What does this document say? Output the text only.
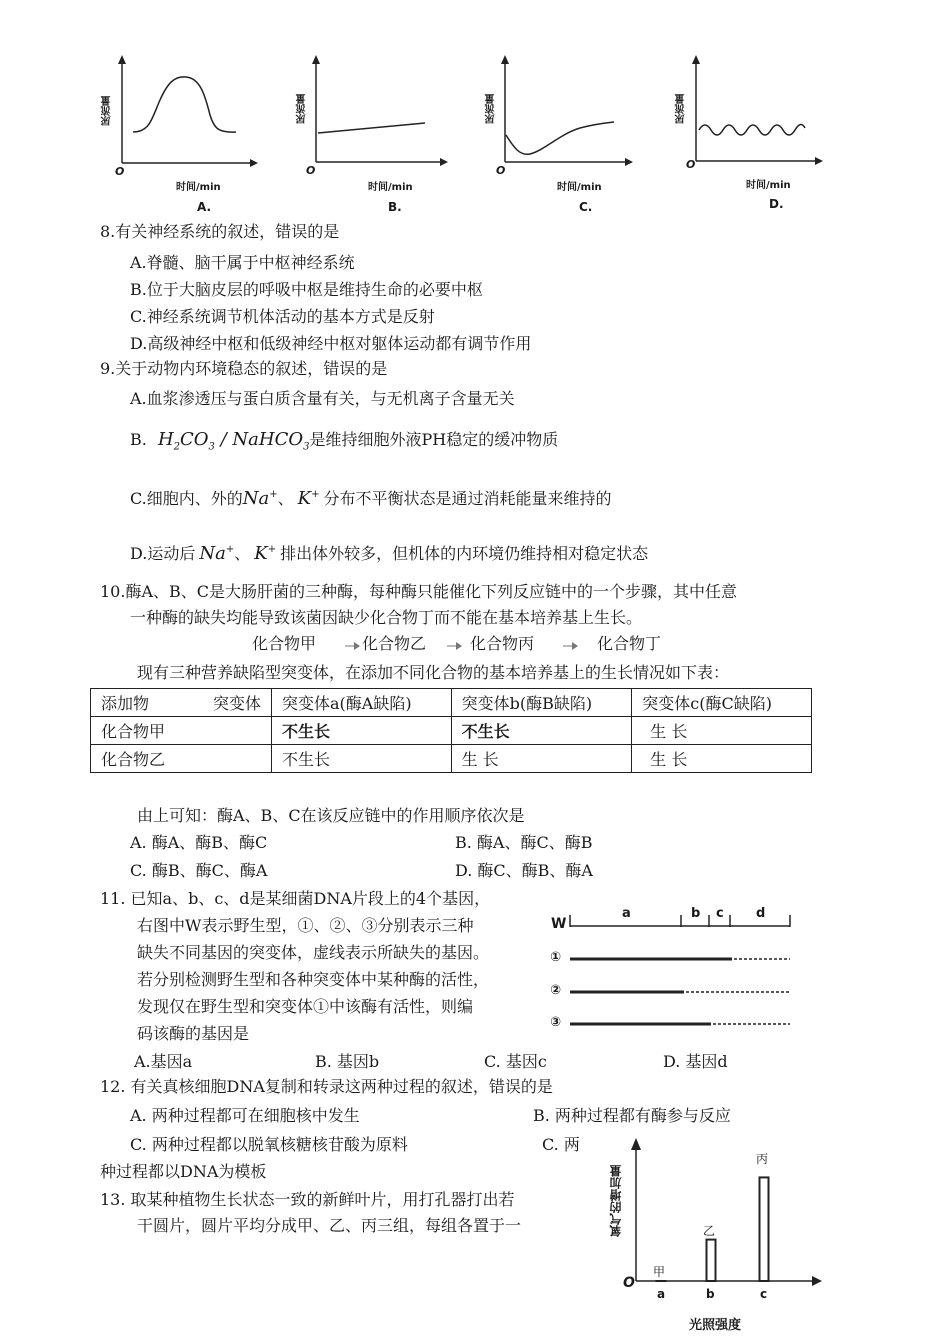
尿流量
O
时间/min
A.
尿流量
O
时间/min
B.
尿流量
O
时间/min
C.
尿流量
O
时间/min
D.
8.有关神经系统的叙述，错误的是
A.脊髓、脑干属于中枢神经系统
B.位于大脑皮层的呼吸中枢是维持生命的必要中枢
C.神经系统调节机体活动的基本方式是反射
D.高级神经中枢和低级神经中枢对躯体运动都有调节作用
9.关于动物内环境稳态的叙述，错误的是
A.血浆渗透压与蛋白质含量有关，与无机离子含量无关
B. $H_2CO_3$ / NaHCO$_3$是维持细胞外液PH稳定的缓冲物质
C.细胞内、外的Na+、 K+ 分布不平衡状态是通过消耗能量来维持的
D.运动后 Na+、 K+ 排出体外较多，但机体的内环境仍维持相对稳定状态
10.酶A、B、C是大肠肝菌的三种酶，每种酶只能催化下列反应链中的一个步骤，其中任意
一种酶的缺失均能导致该菌因缺少化合物丁而不能在基本培养基上生长。
化合物甲	化合物乙	化合物丙	化合物丁
现有三种营养缺陷型突变体，在添加不同化合物的基本培养基上的生长情况如下表：
添加物 突变体	突变体a(酶A缺陷)	突变体b(酶B缺陷)	突变体c(酶C缺陷)
化合物甲	不生长	不生长	生 长
化合物乙	不生长	生 长	生 长
由上可知：酶A、B、C在该反应链中的作用顺序依次是
A. 酶A、酶B、酶C	B. 酶A、酶C、酶B
C. 酶B、酶C、酶A	D. 酶C、酶B、酶A
11. 已知a、b、c、d是某细菌DNA片段上的4个基因，
右图中W表示野生型，①、②、③分别表示三种
缺失不同基因的突变体，虚线表示所缺失的基因。
若分别检测野生型和各种突变体中某种酶的活性，
发现仅在野生型和突变体①中该酶有活性，则编
码该酶的基因是
W
①
②
③
a	b c d
A.基因a	B. 基因b	C. 基因c	D. 基因d
12. 有关真核细胞DNA复制和转录这两种过程的叙述，错误的是
A. 两种过程都可在细胞核中发生	B. 两种过程都有酶参与反应
C. 两种过程都以脱氧核糖核苷酸为原料	C. 两
种过程都以DNA为模板
13. 取某种植物生长状态一致的新鲜叶片，用打孔器打出若
干圆片，圆片平均分成甲、乙、丙三组，每组各置于一	氧气的增加量
O
光照强度
a	b	c
甲
乙
丙
